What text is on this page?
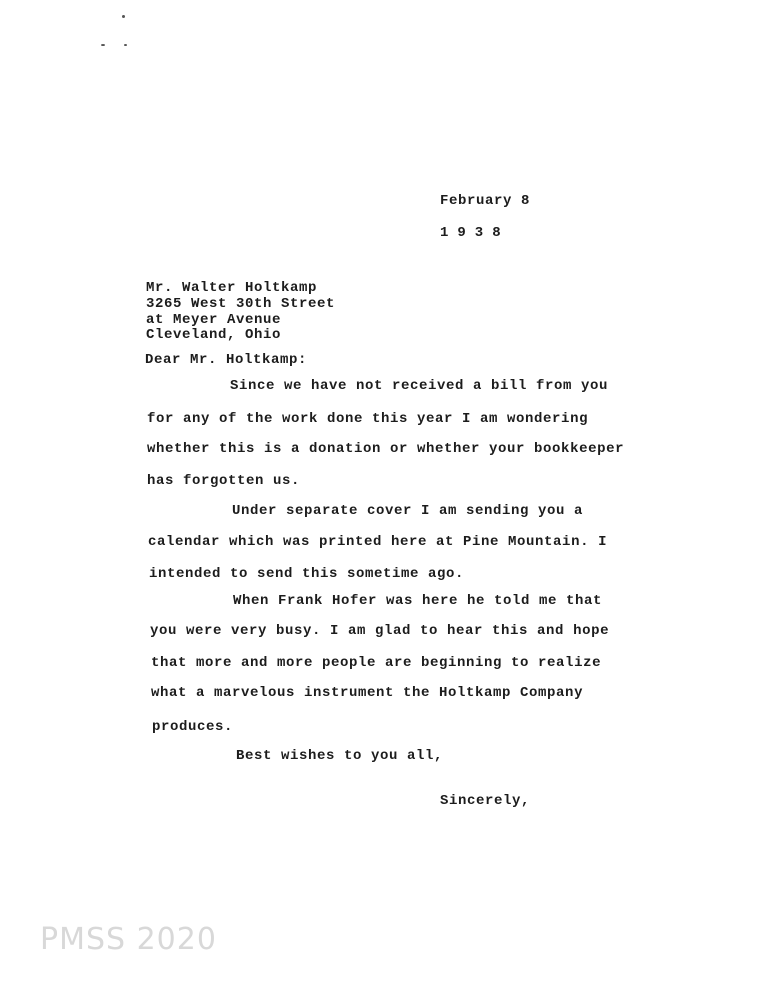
February 8
1938
Mr. Walter Holtkamp
3265 West 30th Street
at Meyer Avenue
Cleveland, Ohio
Dear Mr. Holtkamp:
Since we have not received a bill from you
for any of the work done this year I am wondering
whether this is a donation or whether your bookkeeper
has forgotten us.
Under separate cover I am sending you a
calendar which was printed here at Pine Mountain. I
intended to send this sometime ago.
When Frank Hofer was here he told me that
you were very busy. I am glad to hear this and hope
that more and more people are beginning to realize
what a marvelous instrument the Holtkamp Company
produces.
Best wishes to you all,
Sincerely,
PMSS 2020
